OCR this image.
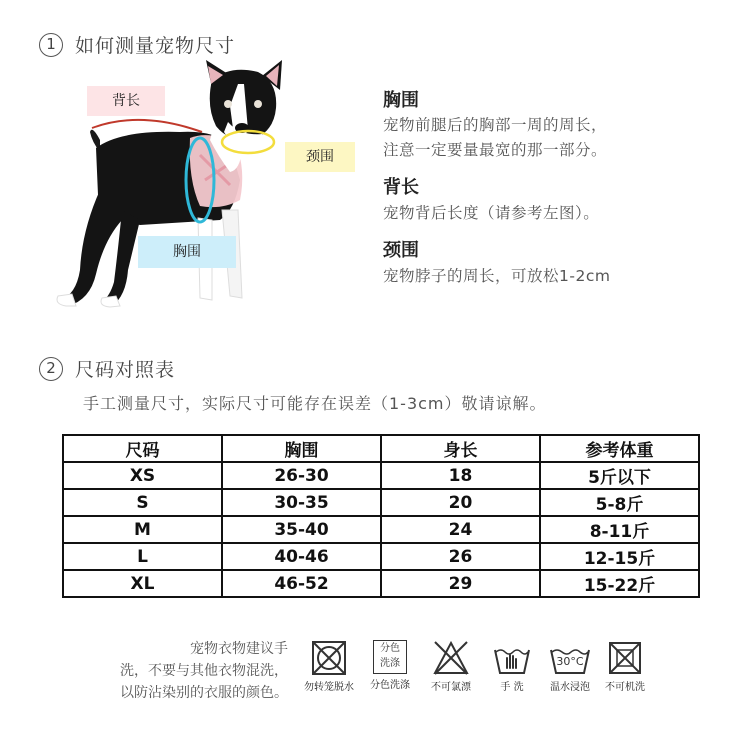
1	如何测量宠物尺寸
背长
颈围
胸围
胸围
宠物前腿后的胸部一周的周长，
注意一定要量最宽的那一部分。
背长
宠物背后长度（请参考左图）。
颈围
宠物脖子的周长，可放松1-2cm
2	尺码对照表
手工测量尺寸，实际尺寸可能存在误差（1-3cm）敬请谅解。
尺码	胸围	身长	参考体重
XS	26-30	18	5斤以下
S	30-35	20	5-8斤
M	35-40	24	8-11斤
L	40-46	26	12-15斤
XL	46-52	29	15-22斤
宠物衣物建议手
洗，不要与其他衣物混洗，
以防沾染别的衣服的颜色。	勿转笼脱水
分色
洗涤
分色洗涤	不可氯漂	手 洗
30°C
温水浸泡	不可机洗
